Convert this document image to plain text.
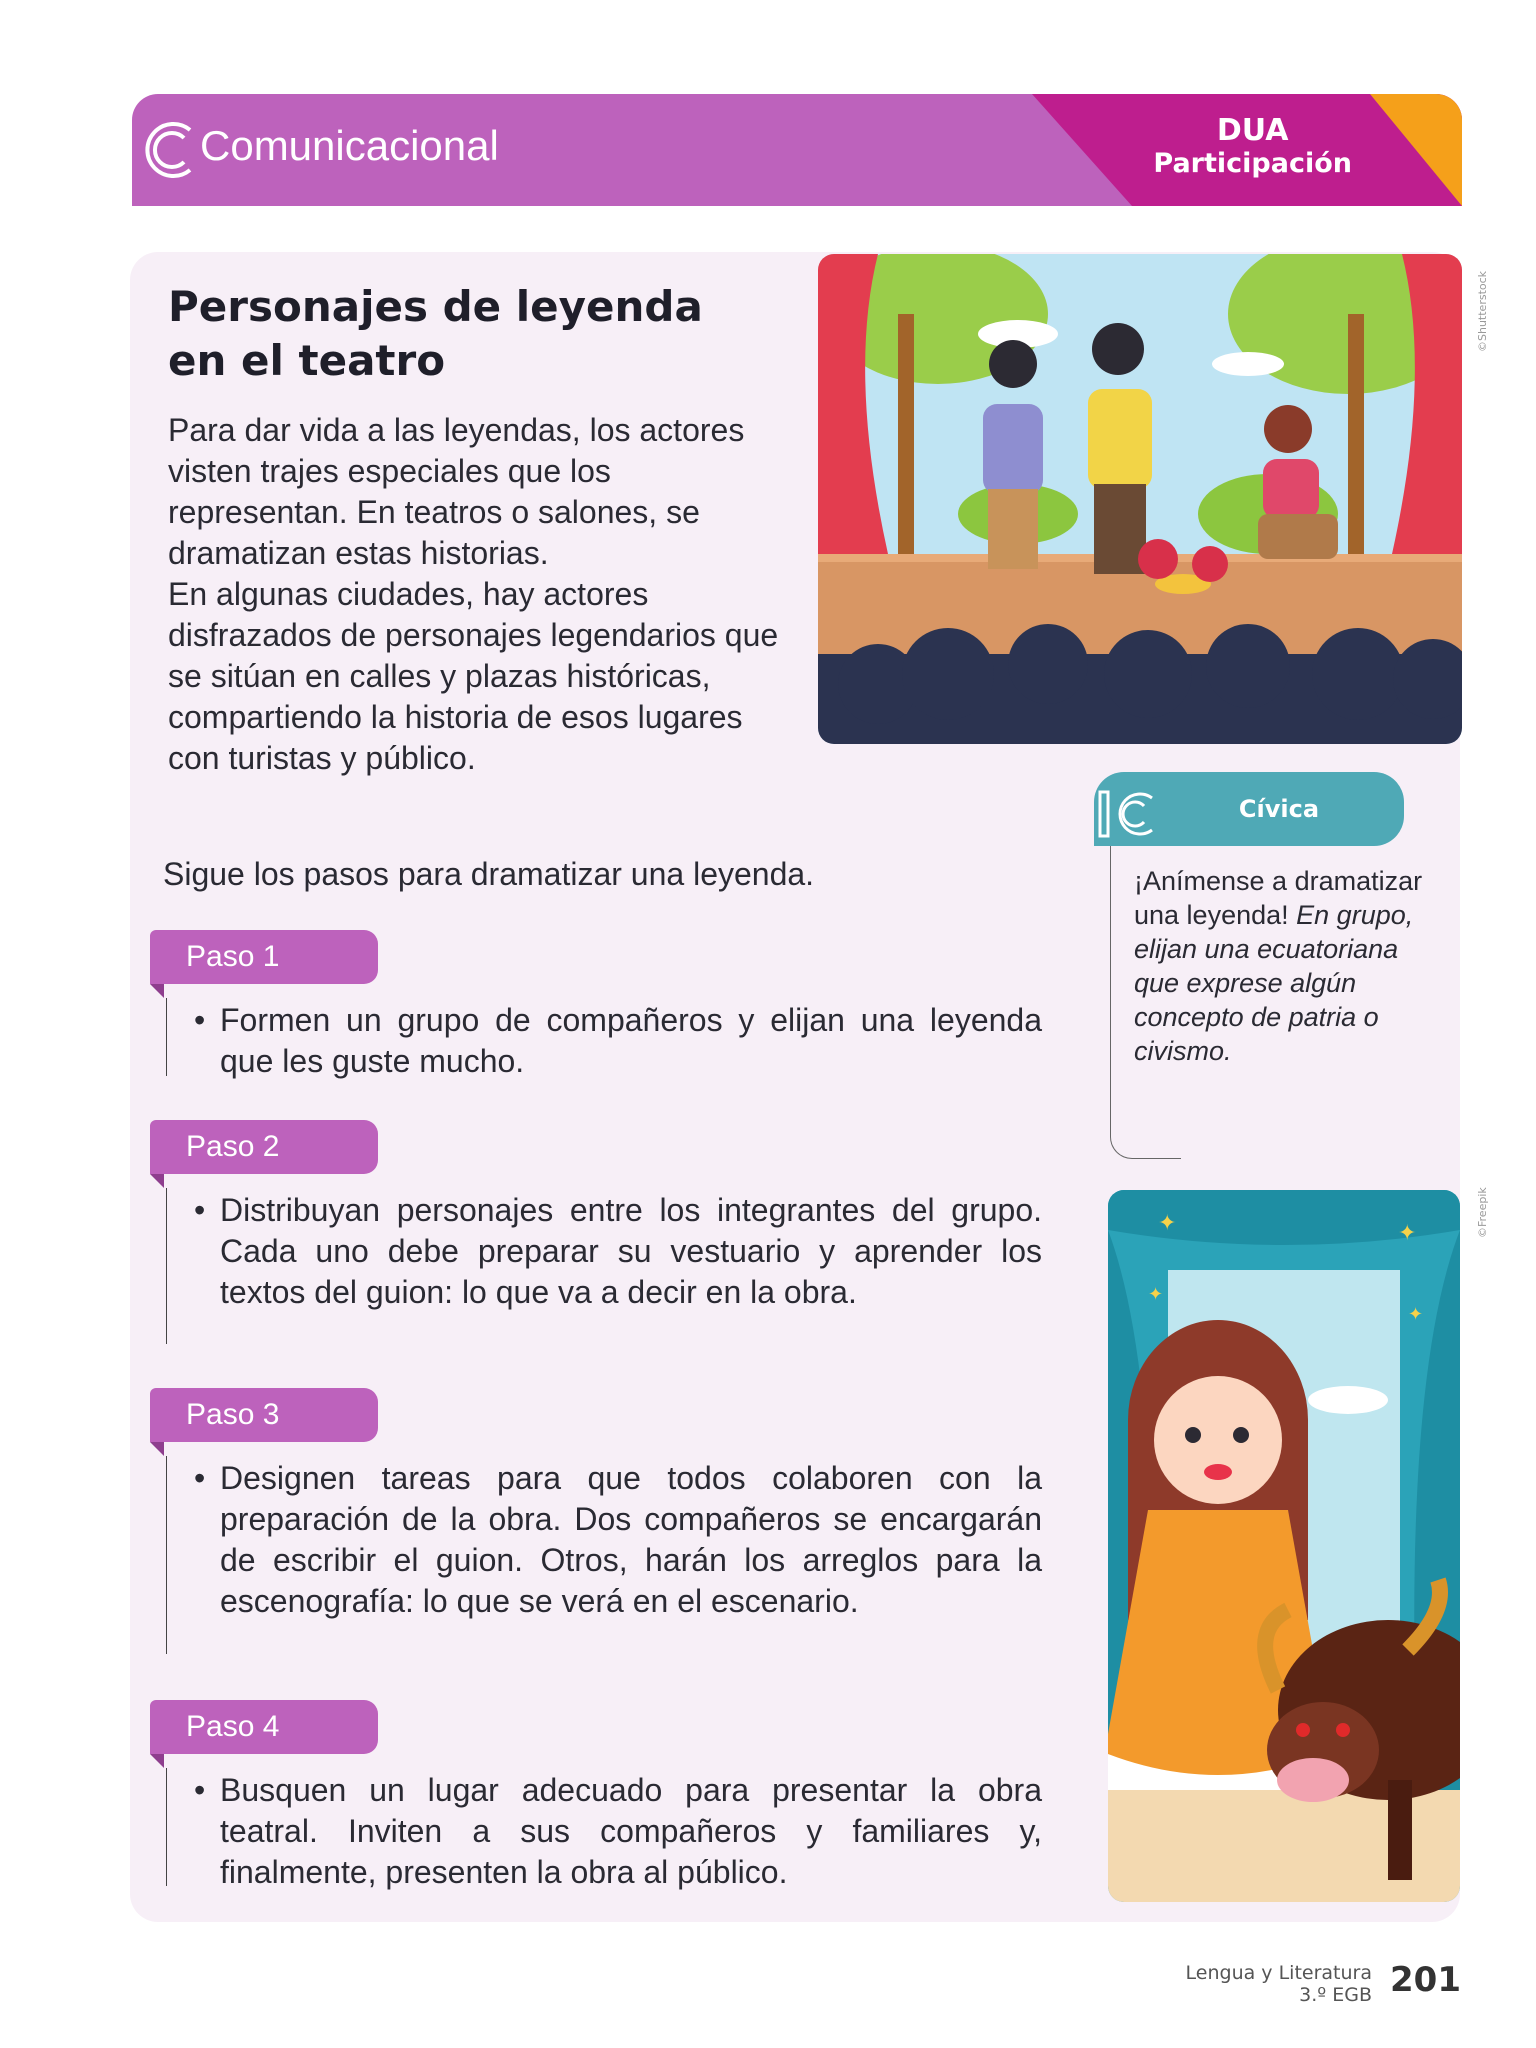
Comunicacional	DUA
Participación
Personajes de leyenda
en el teatro

Para dar vida a las leyendas, los actores visten trajes especiales que los representan. En teatros o salones, se dramatizan estas historias.

En algunas ciudades, hay actores disfrazados de personajes legendarios que se sitúan en calles y plazas históricas, compartiendo la historia de esos lugares con turistas y público.

Sigue los pasos para dramatizar una leyenda.
Paso 1
• Formen un grupo de compañeros y elijan una leyenda que les guste mucho.
Paso 2
• Distribuyan personajes entre los integrantes del grupo. Cada uno debe preparar su vestuario y aprender los textos del guion: lo que va a decir en la obra.
Paso 3
• Designen tareas para que todos colaboren con la preparación de la obra. Dos compañeros se encargarán de escribir el guion. Otros, harán los arreglos para la escenografía: lo que se verá en el escenario.
Paso 4
• Busquen un lugar adecuado para presentar la obra teatral. Inviten a sus compañeros y familiares y, finalmente, presenten la obra al público.
©Shutterstock
Cívica
¡Anímense a dramatizar una leyenda! En grupo, elijan una ecuatoriana que exprese algún concepto de patria o civismo.
✦	✦
✦
✦
©Freepik
Lengua y Literatura
3.º EGB 201
